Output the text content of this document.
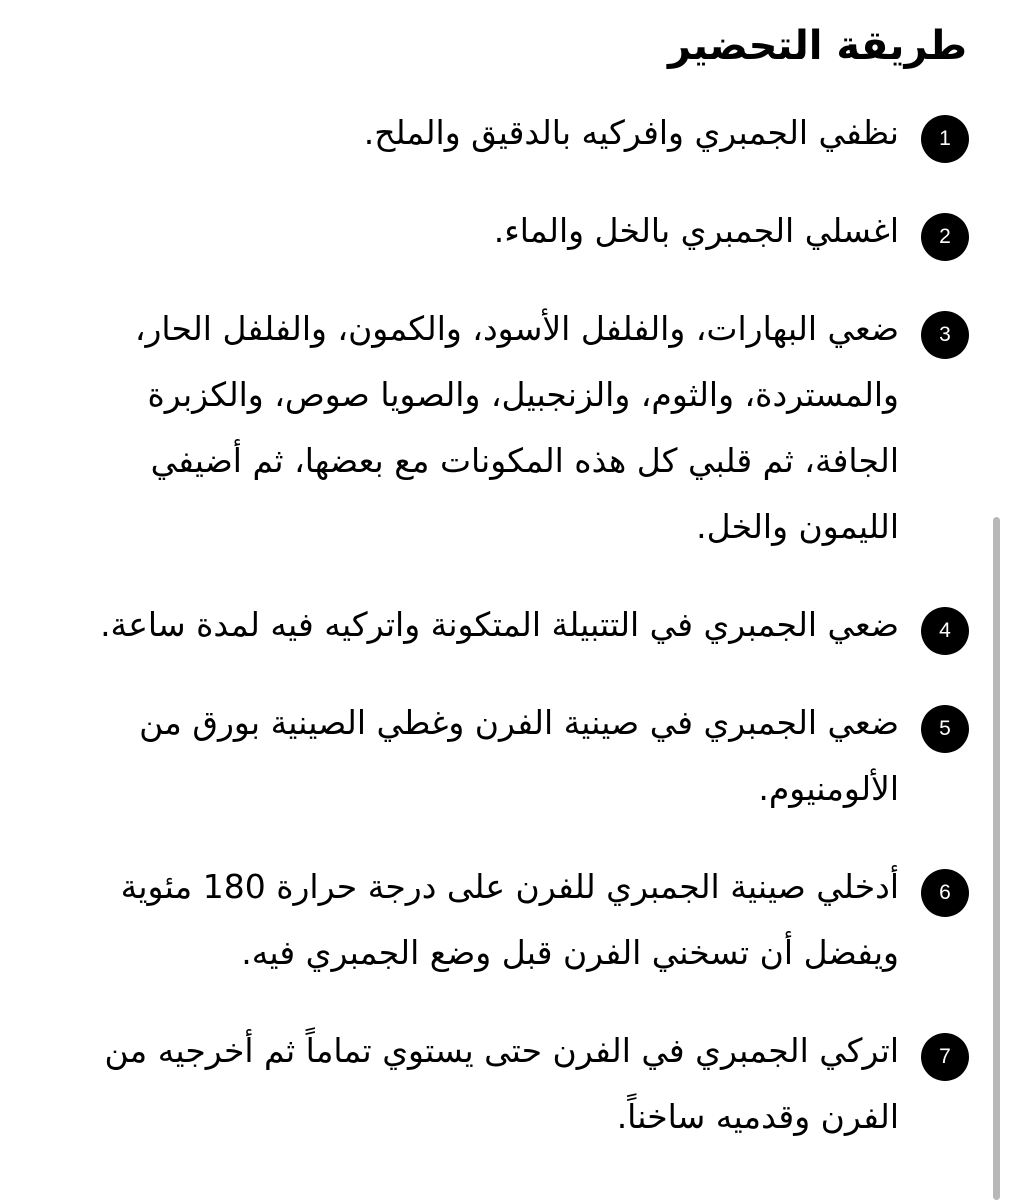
طريقة التحضير
1

نظفي الجمبري وافركيه بالدقيق والملح.

2

اغسلي الجمبري بالخل والماء.

3

ضعي البهارات، والفلفل الأسود، والكمون، والفلفل الحار، والمستردة، والثوم، والزنجبيل، والصويا صوص، والكزبرة الجافة، ثم قلبي كل هذه المكونات مع بعضها، ثم أضيفي الليمون والخل.

4

ضعي الجمبري في التتبيلة المتكونة واتركيه فيه لمدة ساعة.

5

ضعي الجمبري في صينية الفرن وغطي الصينية بورق من الألومنيوم.

6

أدخلي صينية الجمبري للفرن على درجة حرارة 180 مئوية ويفضل أن تسخني الفرن قبل وضع الجمبري فيه.

7

اتركي الجمبري في الفرن حتى يستوي تماماً ثم أخرجيه من الفرن وقدميه ساخناً.
